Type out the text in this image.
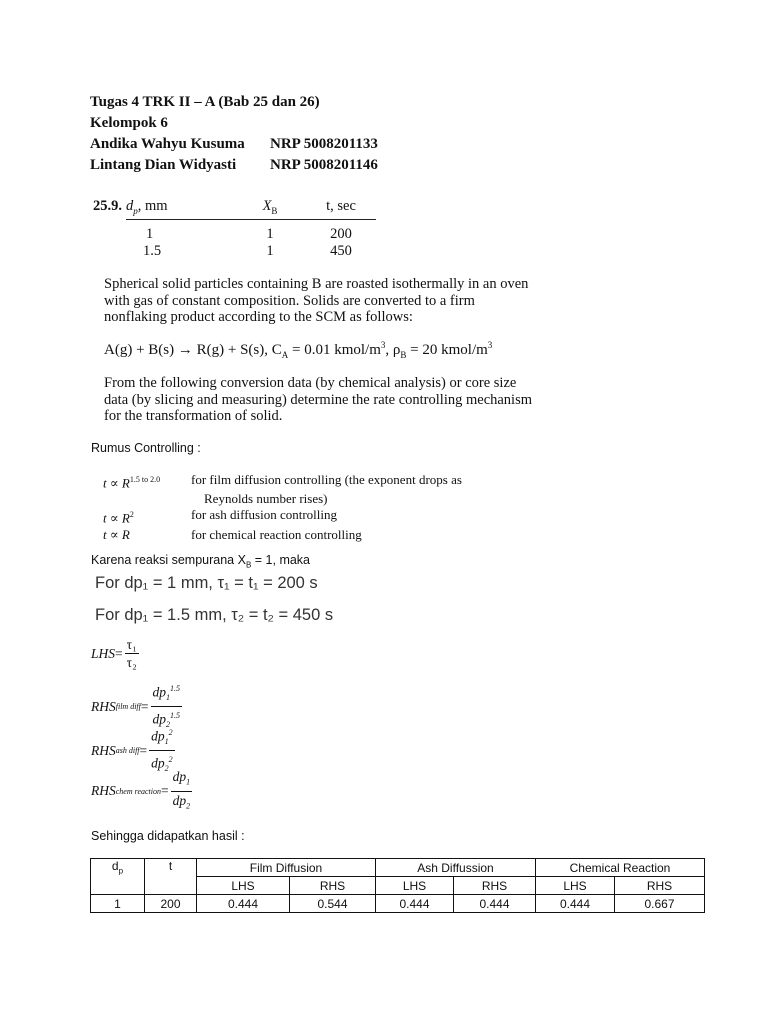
Tugas 4 TRK II – A (Bab 25 dan 26)
Kelompok 6
Andika Wahyu Kusuma	NRP 5008201133
Lintang Dian Widyasti	NRP 5008201146
25.9.	$d_p$, mm	$X_B$	t, sec
	1	1	200
	1.5	1	450
Spherical solid particles containing B are roasted isothermally in an oven with gas of constant composition. Solids are converted to a firm nonflaking product according to the SCM as follows:
A(g) + B(s) → R(g) + S(s), $C_A = 0.01$ kmol/$m^3$, $\rho_B = 20$ kmol/$m^3$
From the following conversion data (by chemical analysis) or core size data (by slicing and measuring) determine the rate controlling mechanism for the transformation of solid.
Rumus Controlling :
$t \propto R^{1.5 to 2.0}$	for film diffusion controlling (the exponent drops as
Reynolds number rises)
$t \propto R^2$	for ash diffusion controlling
t ∝ R	for chemical reaction controlling
Karena reaksi sempurana $X_B = 1$, maka
For dp₁ = 1 mm, τ₁ = t₁ = 200 s
For dp₁ = 1.5 mm, τ₂ = t₂ = 450 s
LHS = $\frac{\text{τ₁}}{\text{τ₂}}$
RHS film diff = $\frac{dp_1^{1.5}}{dp_2^{1.5}}$
RHS ash diff = $\frac{dp_1^2}{dp_2^2}$
RHS chem reaction = $\frac{dp_1}{dp_2}$
Sehingga didapatkan hasil :
$d_p$	t	Film Diffusion		Ash Diffussion		Chemical Reaction	
		LHS	RHS	LHS	RHS	LHS	RHS
1	200	0.444	0.544	0.444	0.444	0.444	0.667
